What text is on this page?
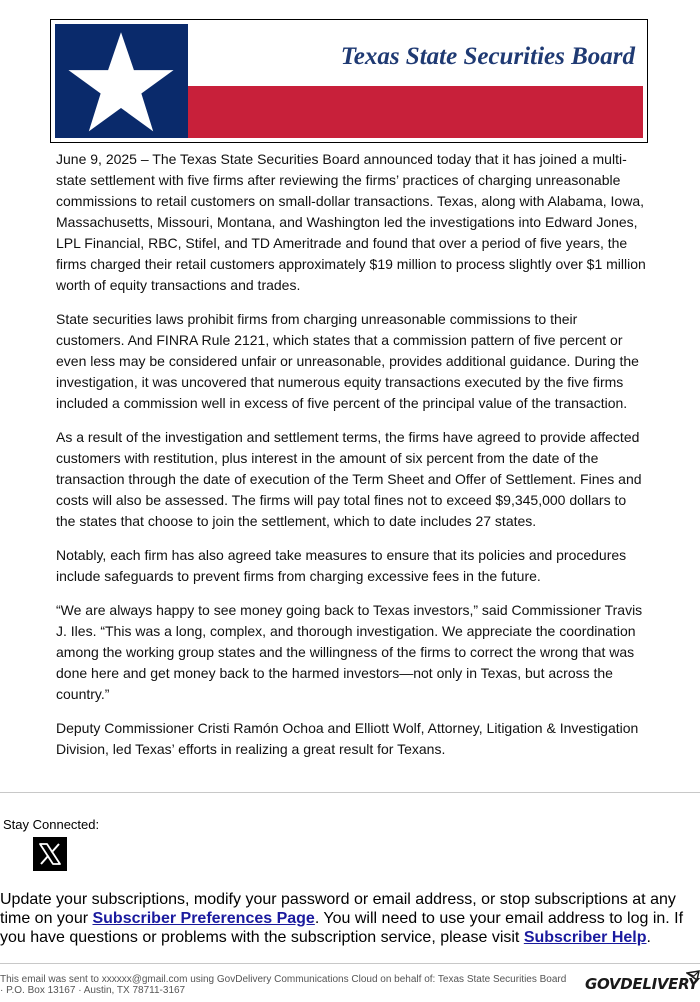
Texas State Securities Board

June 9, 2025 – The Texas State Securities Board announced today that it has joined a multi-state settlement with five firms after reviewing the firms’ practices of charging unreasonable commissions to retail customers on small-dollar transactions. Texas, along with Alabama, Iowa, Massachusetts, Missouri, Montana, and Washington led the investigations into Edward Jones, LPL Financial, RBC, Stifel, and TD Ameritrade and found that over a period of five years, the firms charged their retail customers approximately $19 million to process slightly over $1 million worth of equity transactions and trades.

State securities laws prohibit firms from charging unreasonable commissions to their customers. And FINRA Rule 2121, which states that a commission pattern of five percent or even less may be considered unfair or unreasonable, provides additional guidance. During the investigation, it was uncovered that numerous equity transactions executed by the five firms included a commission well in excess of five percent of the principal value of the transaction.

As a result of the investigation and settlement terms, the firms have agreed to provide affected customers with restitution, plus interest in the amount of six percent from the date of the transaction through the date of execution of the Term Sheet and Offer of Settlement. Fines and costs will also be assessed. The firms will pay total fines not to exceed $9,345,000 dollars to the states that choose to join the settlement, which to date includes 27 states.

Notably, each firm has also agreed take measures to ensure that its policies and procedures include safeguards to prevent firms from charging excessive fees in the future.

“We are always happy to see money going back to Texas investors,” said Commissioner Travis J. Iles. “This was a long, complex, and thorough investigation. We appreciate the coordination among the working group states and the willingness of the firms to correct the wrong that was done here and get money back to the harmed investors—not only in Texas, but across the country.”

Deputy Commissioner Cristi Ramón Ochoa and Elliott Wolf, Attorney, Litigation & Investigation Division, led Texas’ efforts in realizing a great result for Texans.

Stay Connected:
Update your subscriptions, modify your password or email address, or stop subscriptions at any time on your Subscriber Preferences Page. You will need to use your email address to log in. If you have questions or problems with the subscription service, please visit Subscriber Help.
This email was sent to xxxxxx@gmail.com using GovDelivery Communications Cloud on behalf of: Texas State Securities Board
· P.O. Box 13167 · Austin, TX 78711-3167	GOVDELIVERY
